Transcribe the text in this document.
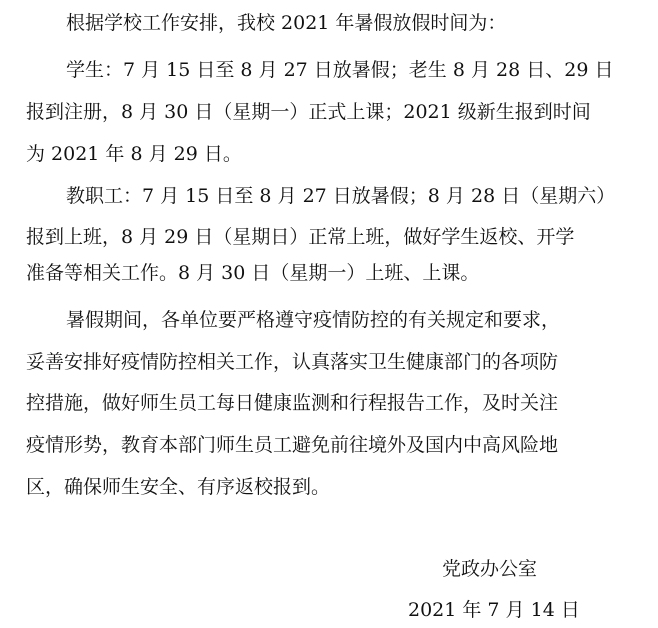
根据学校工作安排，我校 2021 年暑假放假时间为：
学生：7 月 15 日至 8 月 27 日放暑假；老生 8 月 28 日、29 日
报到注册，8 月 30 日（星期一）正式上课；2021 级新生报到时间
为 2021 年 8 月 29 日。
教职工：7 月 15 日至 8 月 27 日放暑假；8 月 28 日（星期六）
报到上班，8 月 29 日（星期日）正常上班，做好学生返校、开学
准备等相关工作。8 月 30 日（星期一）上班、上课。
暑假期间，各单位要严格遵守疫情防控的有关规定和要求，
妥善安排好疫情防控相关工作，认真落实卫生健康部门的各项防
控措施，做好师生员工每日健康监测和行程报告工作，及时关注
疫情形势，教育本部门师生员工避免前往境外及国内中高风险地
区，确保师生安全、有序返校报到。
党政办公室
2021 年 7 月 14 日
